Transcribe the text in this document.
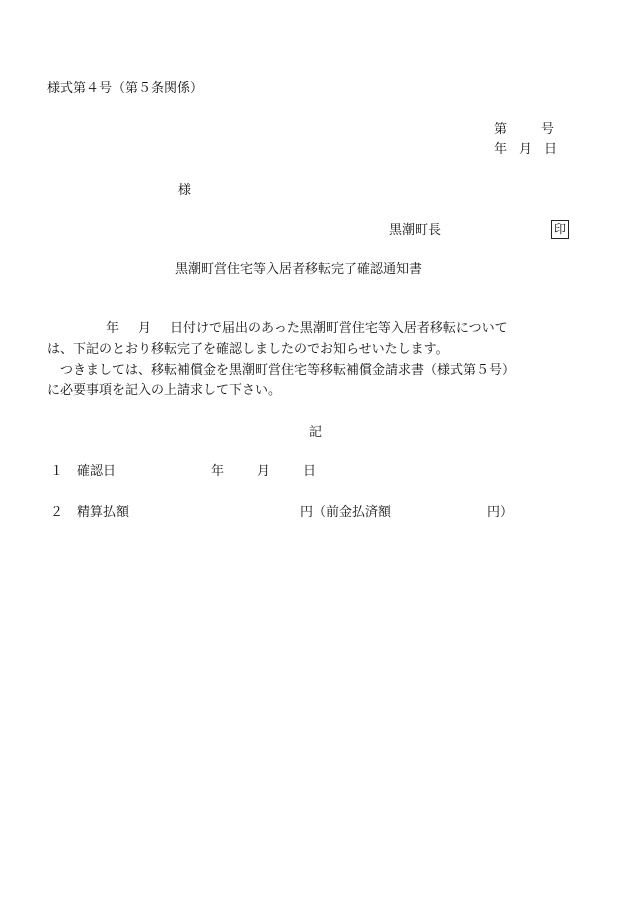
様式第４号（第５条関係）
第	号
年 月 日
様
黒潮町長	印
黒潮町営住宅等入居者移転完了確認通知書
年 月 日付けで届出のあった黒潮町営住宅等入居者移転について
は、下記のとおり移転完了を確認しましたのでお知らせいたします。
つきましては、移転補償金を黒潮町営住宅等移転補償金請求書（様式第５号）
に必要事項を記入の上請求して下さい。
記
１ 確認日	年	月	日
２ 精算払額	円（前金払済額	円）
